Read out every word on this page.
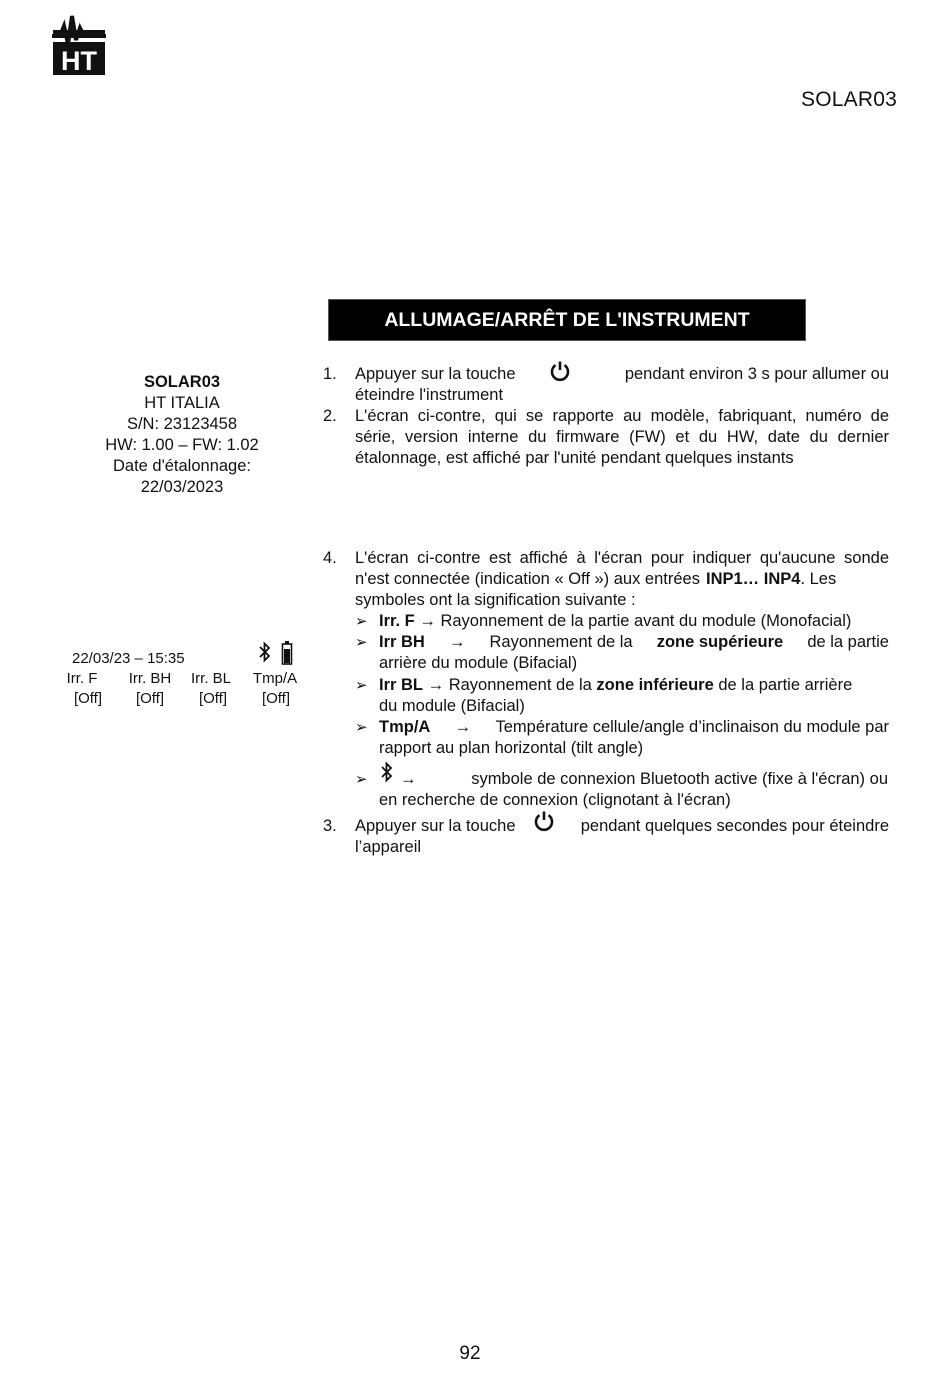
HT
SOLAR03
ALLUMAGE/ARRÊT DE L'INSTRUMENT
SOLAR03
HT ITALIA
S/N: 23123458
HW: 1.00 – FW: 1.02
Date d'étalonnage:
22/03/2023
1.	Appuyer sur la touche	pendant environ 3 s pour allumer ou
éteindre l'instrument
2.	L'écran ci-contre, qui se rapporte au modèle, fabriquant, numéro de
série, version interne du firmware (FW) et du HW, date du dernier
étalonnage, est affiché par l'unité pendant quelques instants
22/03/23 – 15:35
Irr. F	Irr. BH	Irr. BL	Tmp/A
[Off]	[Off]	[Off]	[Off]
4.	L'écran ci-contre est affiché à l'écran pour indiquer qu'aucune sonde
n'est connectée (indication « Off ») aux entrées INP1… INP4 . Les
symboles ont la signification suivante :
➢ Irr. F → Rayonnement de la partie avant du module (Monofacial)
➢ Irr BH → Rayonnement de la zone supérieure de la partie
arrière du module (Bifacial)
➢ Irr BL → Rayonnement de la zone inférieure de la partie arrière
du module (Bifacial)
➢ Tmp/A → Température cellule/angle d’inclinaison du module par
rapport au plan horizontal (tilt angle)
➢	→	symbole de connexion Bluetooth active (fixe à l'écran) ou
en recherche de connexion (clignotant à l'écran)
3.	Appuyer sur la touche	pendant quelques secondes pour éteindre
l’appareil
92
